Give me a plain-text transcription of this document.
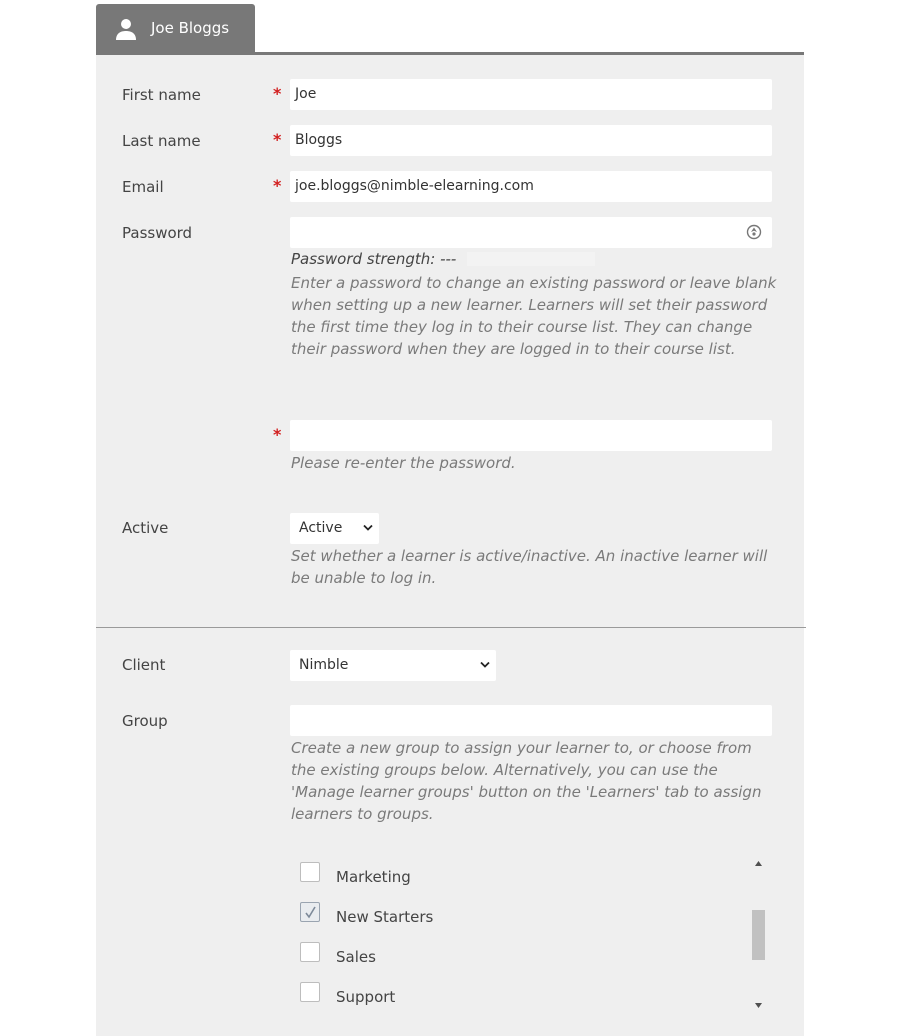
Joe Bloggs
First name	* Joe
Last name	* Bloggs
Email	* joe.bloggs@nimble-elearning.com
Password
Password strength: ---
Enter a password to change an existing password or leave blank when setting up a new learner. Learners will set their password the first time they log in to their course list. They can change their password when they are logged in to their course list.
*
Please re-enter the password.
Active	Active
Set whether a learner is active/inactive. An inactive learner will be unable to log in.
Client	Nimble
Group
Create a new group to assign your learner to, or choose from the existing groups below. Alternatively, you can use the 'Manage learner groups' button on the 'Learners' tab to assign learners to groups.
Marketing
New Starters
Sales
Support
